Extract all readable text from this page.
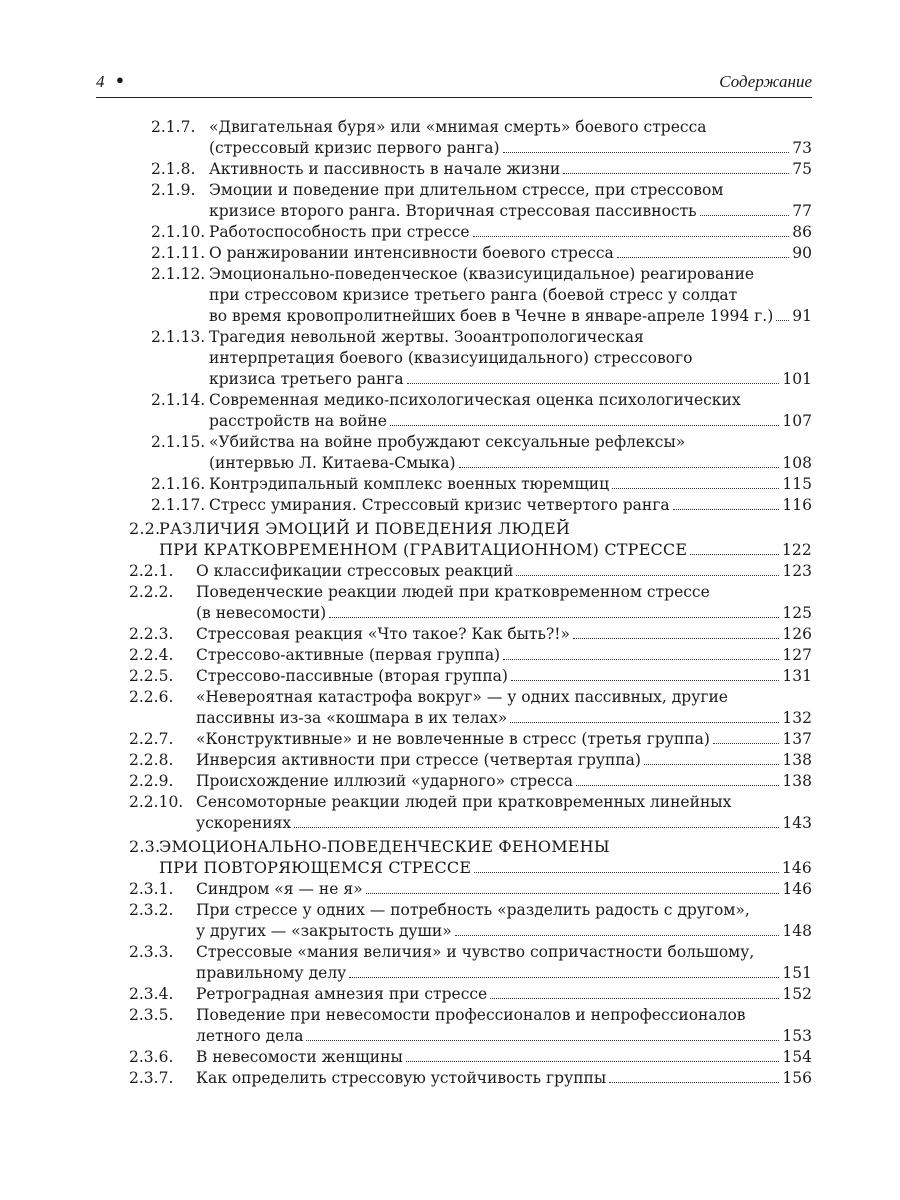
4 ●	Содержание
2.1.7. «Двигательная буря» или «мнимая смерть» боевого стресса
(стрессовый кризис первого ранга)	73
2.1.8. Активность и пассивность в начале жизни	75
2.1.9. Эмоции и поведение при длительном стрессе, при стрессовом
кризисе второго ранга. Вторичная стрессовая пассивность	77
2.1.10. Работоспособность при стрессе	86
2.1.11. О ранжировании интенсивности боевого стресса	90
2.1.12. Эмоционально-поведенческое (квазисуицидальное) реагирование
при стрессовом кризисе третьего ранга (боевой стресс у солдат
во время кровопролитнейших боев в Чечне в январе-апреле 1994 г.) 91
2.1.13. Трагедия невольной жертвы. Зооантропологическая
интерпретация боевого (квазисуицидального) стрессового
кризиса третьего ранга	101
2.1.14. Современная медико-психологическая оценка психологических
расстройств на войне	107
2.1.15. «Убийства на войне пробуждают сексуальные рефлексы»
(интервью Л. Китаева-Смыка)	108
2.1.16. Контрэдипальный комплекс военных тюремщиц	115
2.1.17. Стресс умирания. Стрессовый кризис четвертого ранга	116
2.2.
РАЗЛИЧИЯ ЭМОЦИЙ И ПОВЕДЕНИЯ ЛЮДЕЙ
ПРИ КРАТКОВРЕМЕННОМ (ГРАВИТАЦИОННОМ) СТРЕССЕ	122
2.2.1. О классификации стрессовых реакций	123
2.2.2. Поведенческие реакции людей при кратковременном стрессе
(в невесомости)	125
2.2.3. Стрессовая реакция «Что такое? Как быть?!»	126
2.2.4. Стрессово-активные (первая группа)	127
2.2.5. Стрессово-пассивные (вторая группа)	131
2.2.6. «Невероятная катастрофа вокруг» — у одних пассивных, другие
пассивны из-за «кошмара в их телах»	132
2.2.7. «Конструктивные» и не вовлеченные в стресс (третья группа)	137
2.2.8. Инверсия активности при стрессе (четвертая группа)	138
2.2.9. Происхождение иллюзий «ударного» стресса	138
2.2.10. Сенсомоторные реакции людей при кратковременных линейных
ускорениях	143
2.3.
ЭМОЦИОНАЛЬНО-ПОВЕДЕНЧЕСКИЕ ФЕНОМЕНЫ
ПРИ ПОВТОРЯЮЩЕМСЯ СТРЕССЕ	146
2.3.1. Синдром «я — не я»	146
2.3.2. При стрессе у одних — потребность «разделить радость с другом»,
у других — «закрытость души»	148
2.3.3. Стрессовые «мания величия» и чувство сопричастности большому,
правильному делу	151
2.3.4. Ретроградная амнезия при стрессе	152
2.3.5. Поведение при невесомости профессионалов и непрофессионалов
летного дела	153
2.3.6. В невесомости женщины	154
2.3.7. Как определить стрессовую устойчивость группы	156
